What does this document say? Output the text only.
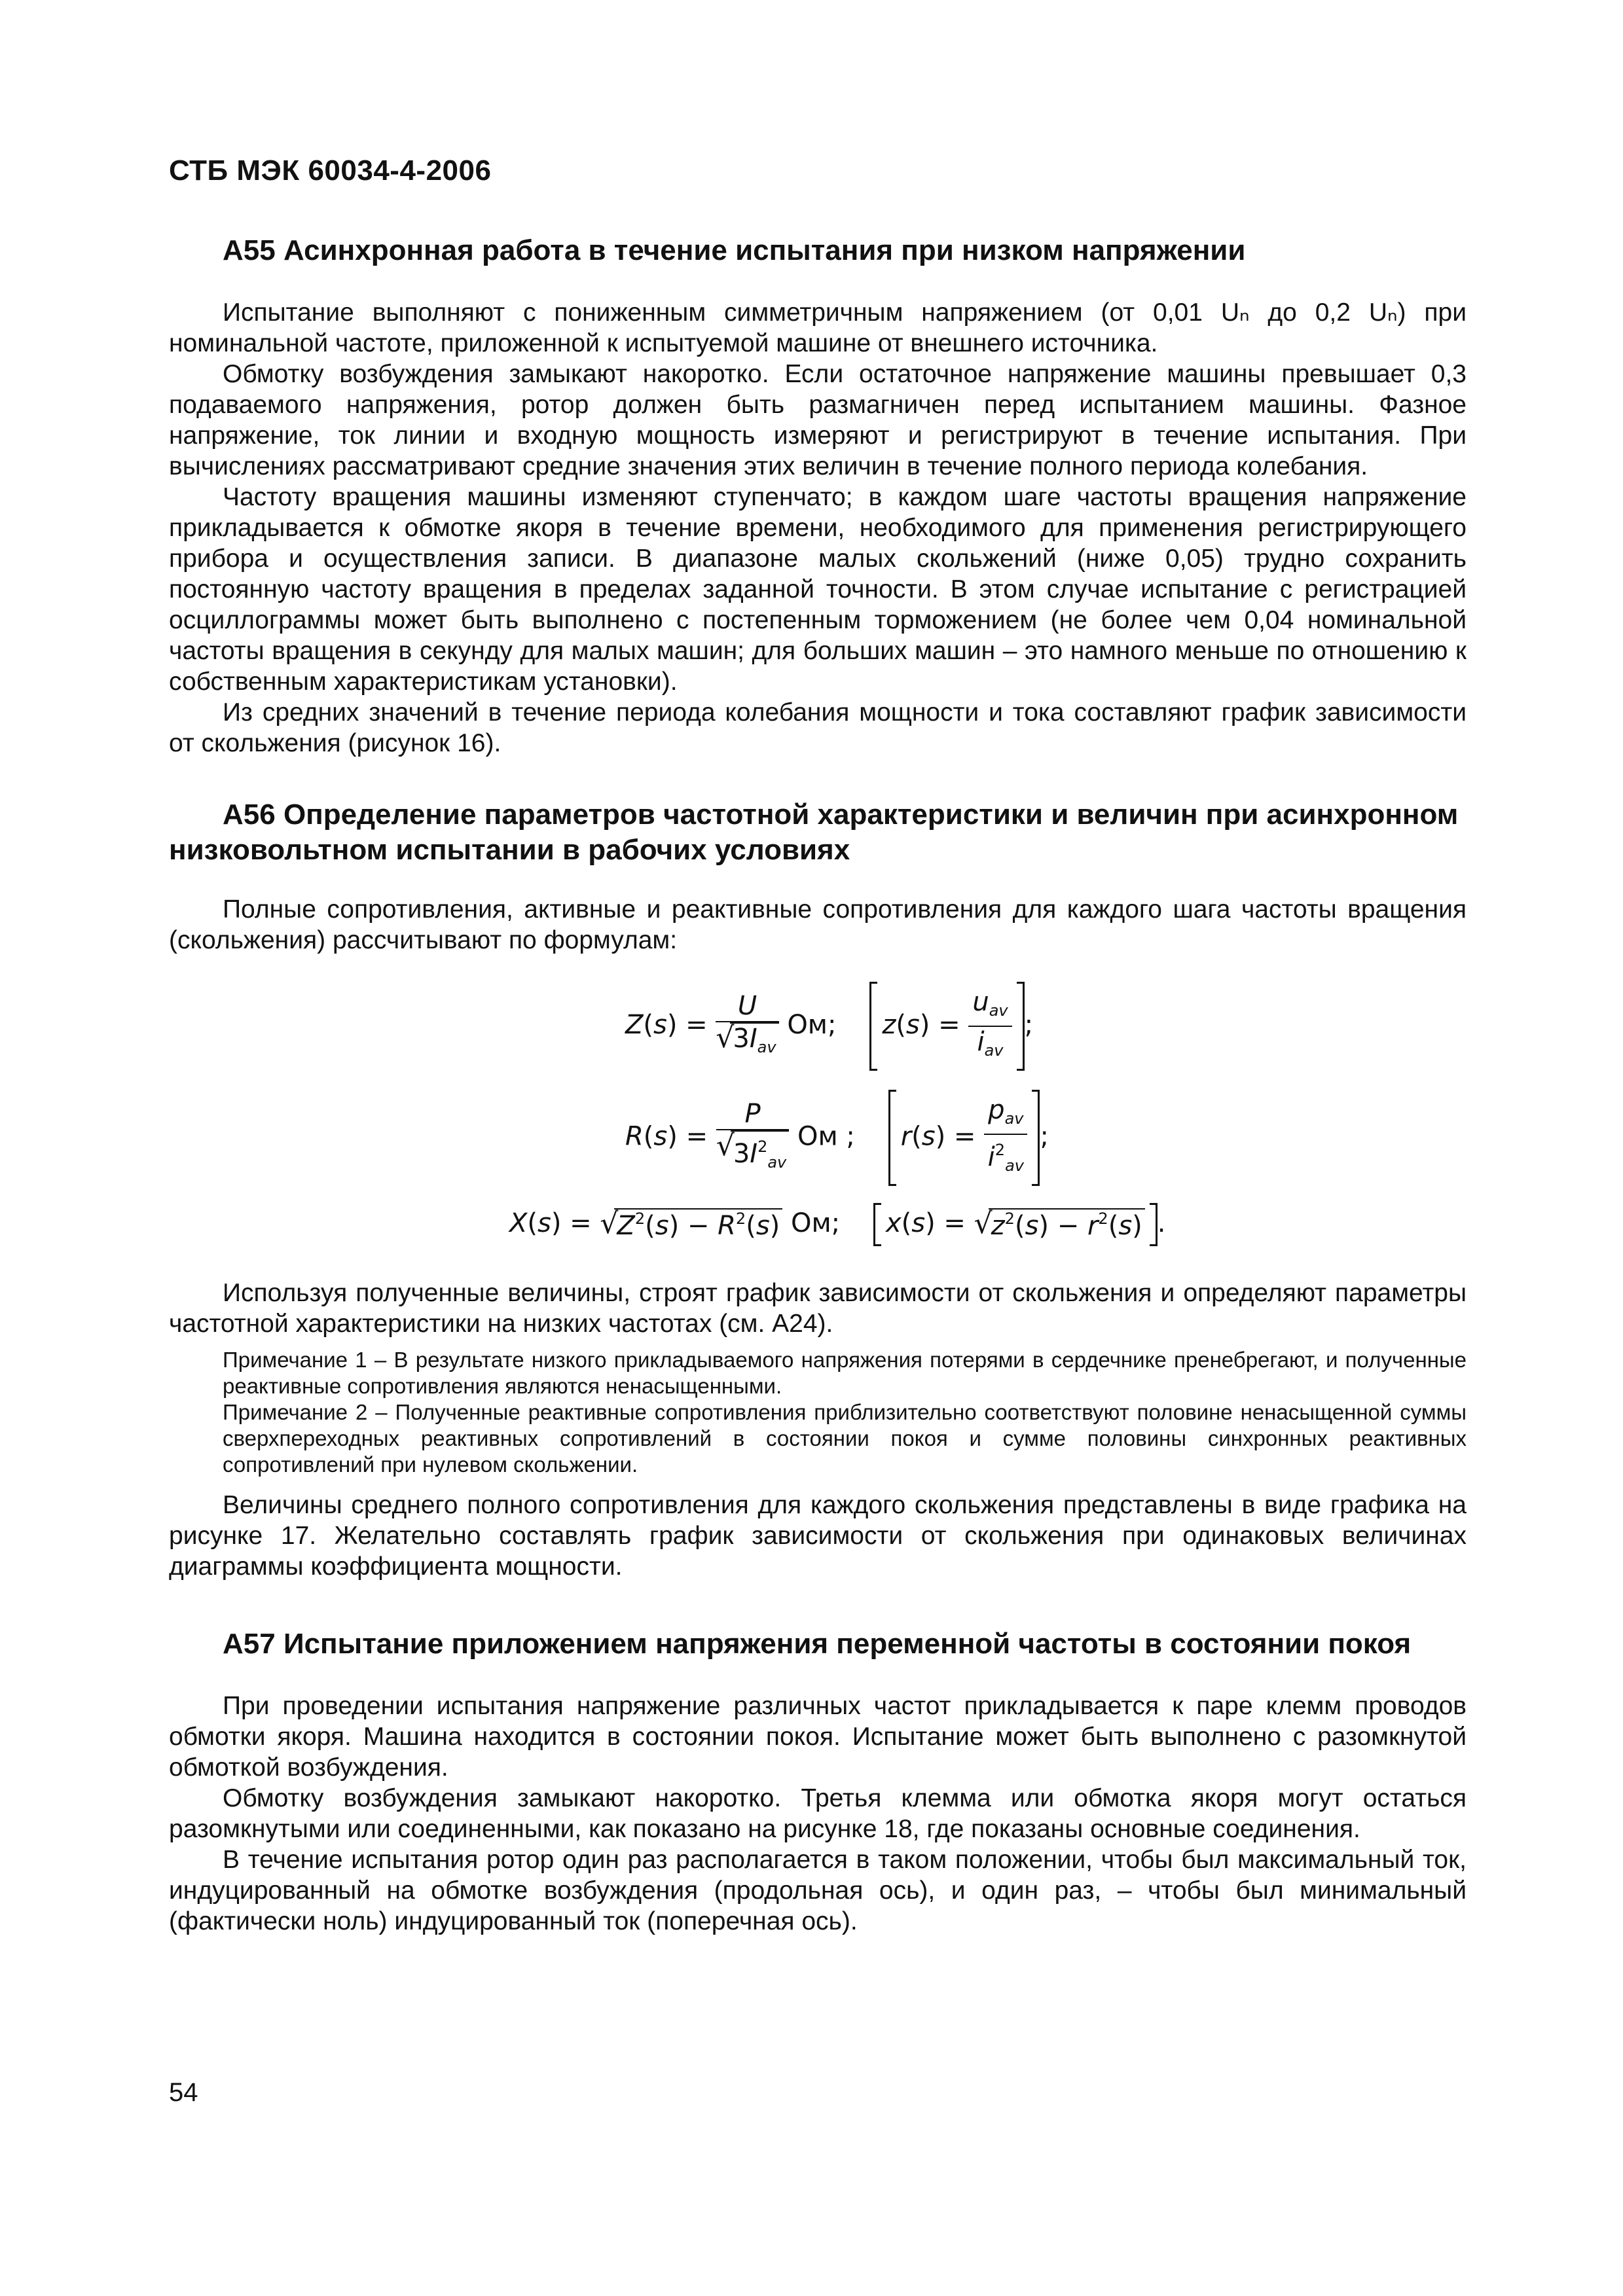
СТБ МЭК 60034-4-2006
А55 Асинхронная работа в течение испытания при низком напряжении

Испытание выполняют с пониженным симметричным напряжением (от 0,01 Uₙ до 0,2 Uₙ) при номинальной частоте, приложенной к испытуемой машине от внешнего источника.

Обмотку возбуждения замыкают накоротко. Если остаточное напряжение машины превышает 0,3 подаваемого напряжения, ротор должен быть размагничен перед испытанием машины. Фазное напряжение, ток линии и входную мощность измеряют и регистрируют в течение испытания. При вычислениях рассматривают средние значения этих величин в течение полного периода колебания.

Частоту вращения машины изменяют ступенчато; в каждом шаге частоты вращения напряжение прикладывается к обмотке якоря в течение времени, необходимого для применения регистрирующего прибора и осуществления записи. В диапазоне малых скольжений (ниже 0,05) трудно сохранить постоянную частоту вращения в пределах заданной точности. В этом случае испытание с регистрацией осциллограммы может быть выполнено с постепенным торможением (не более чем 0,04 номинальной частоты вращения в секунду для малых машин; для больших машин – это намного меньше по отношению к собственным характеристикам установки).

Из средних значений в течение периода колебания мощности и тока составляют график зависимости от скольжения (рисунок 16).

А56 Определение параметров частотной характеристики и величин при асинхронном низковольтном испытании в рабочих условиях

Полные сопротивления, активные и реактивные сопротивления для каждого шага частоты вращения (скольжения) рассчитывают по формулам:

Z(s) = U
√
$3I_{av}$ Ом; $z(s) = \frac{u_{av}}{i_{av}}$ ;
R(s) = P
√
$3I^2_{av}$ Ом ; $r(s) = \frac{p_{av}}{i^2_{av}}$ ;
X(s) = √
$Z^2(s) - R^2(s)$ Ом; x(s) = √
$z^2(s) - r^2(s)$ .

Используя полученные величины, строят график зависимости от скольжения и определяют параметры частотной характеристики на низких частотах (см. А24).

Примечание 1 – В результате низкого прикладываемого напряжения потерями в сердечнике пренебрегают, и полученные реактивные сопротивления являются ненасыщенными.

Примечание 2 – Полученные реактивные сопротивления приблизительно соответствуют половине ненасыщенной суммы сверхпереходных реактивных сопротивлений в состоянии покоя и сумме половины синхронных реактивных сопротивлений при нулевом скольжении.

Величины среднего полного сопротивления для каждого скольжения представлены в виде графика на рисунке 17. Желательно составлять график зависимости от скольжения при одинаковых величинах диаграммы коэффициента мощности.

А57 Испытание приложением напряжения переменной частоты в состоянии покоя

При проведении испытания напряжение различных частот прикладывается к паре клемм проводов обмотки якоря. Машина находится в состоянии покоя. Испытание может быть выполнено с разомкнутой обмоткой возбуждения.

Обмотку возбуждения замыкают накоротко. Третья клемма или обмотка якоря могут остаться разомкнутыми или соединенными, как показано на рисунке 18, где показаны основные соединения.

В течение испытания ротор один раз располагается в таком положении, чтобы был максимальный ток, индуцированный на обмотке возбуждения (продольная ось), и один раз, – чтобы был минимальный (фактически ноль) индуцированный ток (поперечная ось).

54
